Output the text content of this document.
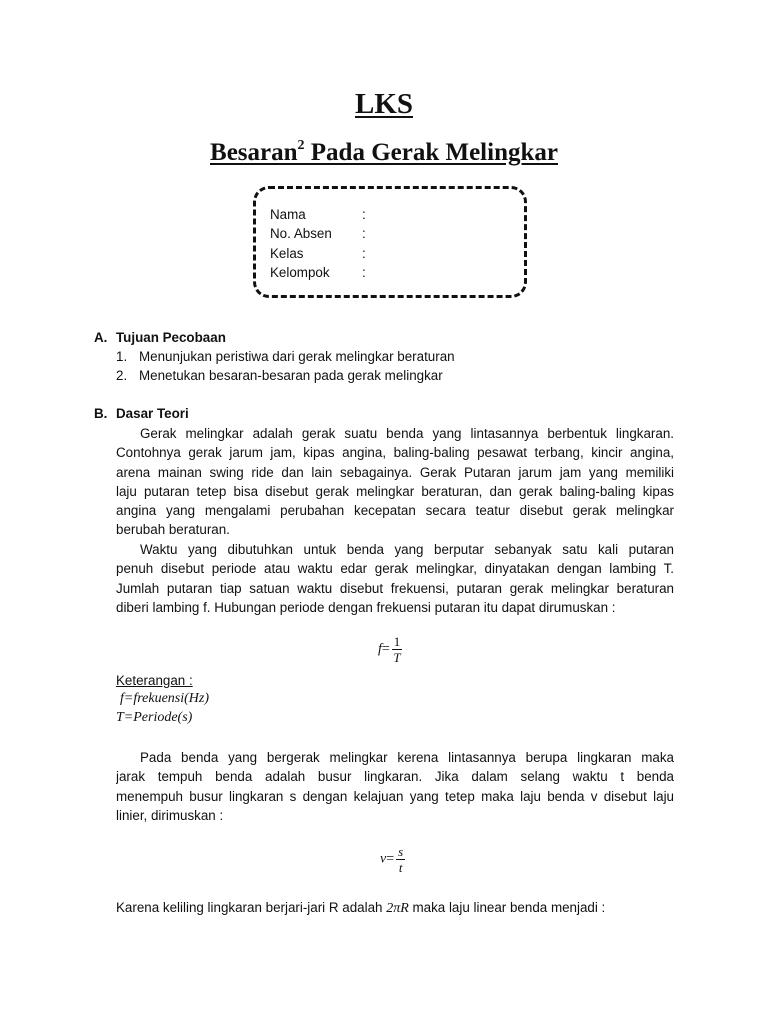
LKS
Besaran$^2$ Pada Gerak Melingkar
Nama	:
No. Absen	:
Kelas	:
Kelompok	:
A. Tujuan Pecobaan
1. Menunjukan peristiwa dari gerak melingkar beraturan
2. Menetukan besaran-besaran pada gerak melingkar
B. Dasar Teori
Gerak melingkar adalah gerak suatu benda yang lintasannya berbentuk lingkaran.
Contohnya gerak jarum jam, kipas angina, baling-baling pesawat terbang, kincir angina,
arena mainan swing ride dan lain sebagainya. Gerak Putaran jarum jam yang memiliki
laju putaran tetep bisa disebut gerak melingkar beraturan, dan gerak baling-baling kipas
angina yang mengalami perubahan kecepatan secara teatur disebut gerak melingkar
berubah beraturan.
Waktu yang dibutuhkan untuk benda yang berputar sebanyak satu kali putaran
penuh disebut periode atau waktu edar gerak melingkar, dinyatakan dengan lambing T.
Jumlah putaran tiap satuan waktu disebut frekuensi, putaran gerak melingkar beraturan
diberi lambing f. Hubungan periode dengan frekuensi putaran itu dapat dirumuskan :
$f= \frac{1}{T}$
Keterangan :
f=frekuensi(Hz)
T=Periode(s)
Pada benda yang bergerak melingkar kerena lintasannya berupa lingkaran maka
jarak tempuh benda adalah busur lingkaran. Jika dalam selang waktu t benda
menempuh busur lingkaran s dengan kelajuan yang tetep maka laju benda v disebut laju
linier, dirimuskan :
$v= \frac{s}{t}$
Karena keliling lingkaran berjari-jari R adalah 2πR maka laju linear benda menjadi :
